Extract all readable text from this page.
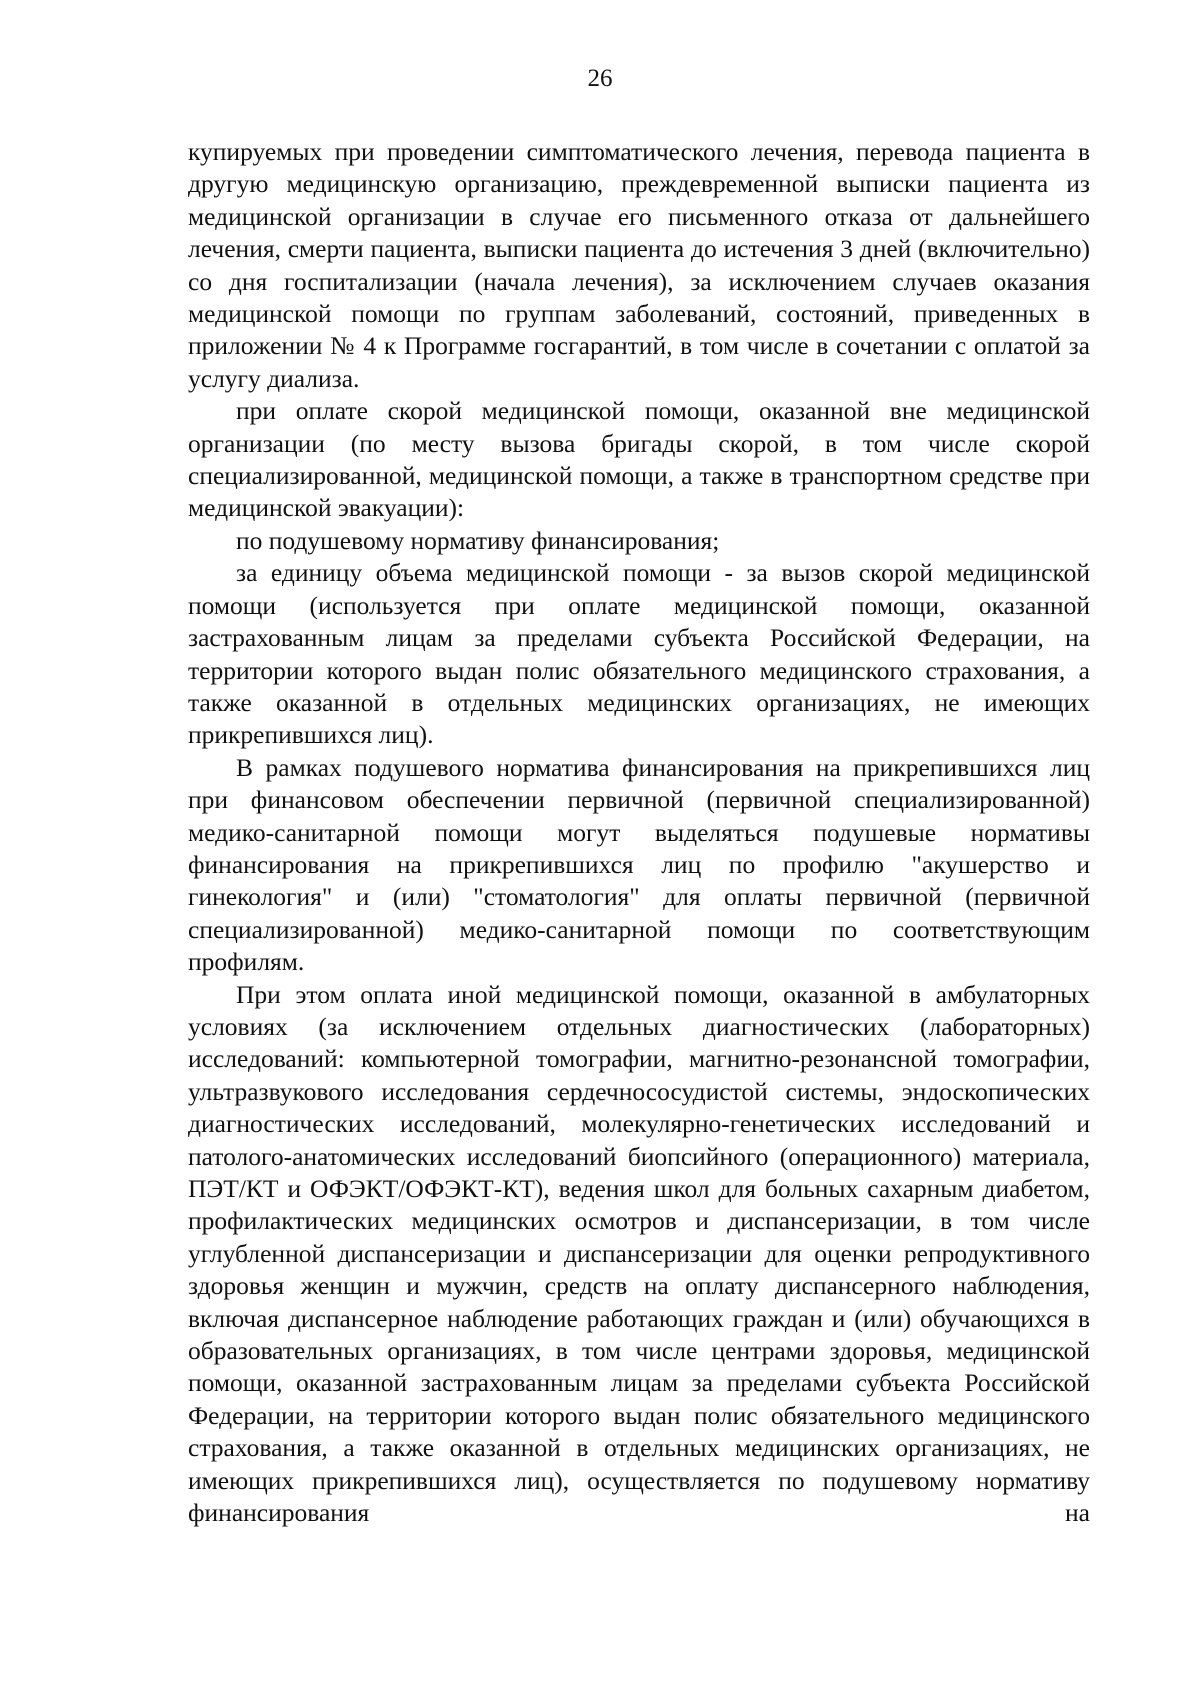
26

купируемых при проведении симптоматического лечения, перевода пациента в другую медицинскую организацию, преждевременной выписки пациента из медицинской организации в случае его письменного отказа от дальнейшего лечения, смерти пациента, выписки пациента до истечения 3 дней (включительно) со дня госпитализации (начала лечения), за исключением случаев оказания медицинской помощи по группам заболеваний, состояний, приведенных в приложении № 4 к Программе госгарантий, в том числе в сочетании с оплатой за услугу диализа.

при оплате скорой медицинской помощи, оказанной вне медицинской организации (по месту вызова бригады скорой, в том числе скорой специализированной, медицинской помощи, а также в транспортном средстве при медицинской эвакуации):

по подушевому нормативу финансирования;

за единицу объема медицинской помощи - за вызов скорой медицинской помощи (используется при оплате медицинской помощи, оказанной застрахованным лицам за пределами субъекта Российской Федерации, на территории которого выдан полис обязательного медицинского страхования, а также оказанной в отдельных медицинских организациях, не имеющих прикрепившихся лиц).

В рамках подушевого норматива финансирования на прикрепившихся лиц при финансовом обеспечении первичной (первичной специализированной) медико-санитарной помощи могут выделяться подушевые нормативы финансирования на прикрепившихся лиц по профилю "акушерство и гинекология" и (или) "стоматология" для оплаты первичной (первичной специализированной) медико-санитарной помощи по соответствующим профилям.

При этом оплата иной медицинской помощи, оказанной в амбулаторных условиях (за исключением отдельных диагностических (лабораторных) исследований: компьютерной томографии, магнитно-резонансной томографии, ультразвукового исследования сердечнососудистой системы, эндоскопических диагностических исследований, молекулярно-генетических исследований и патолого-анатомических исследований биопсийного (операционного) материала, ПЭТ/КТ и ОФЭКТ/ОФЭКТ-КТ), ведения школ для больных сахарным диабетом, профилактических медицинских осмотров и диспансеризации, в том числе углубленной диспансеризации и диспансеризации для оценки репродуктивного здоровья женщин и мужчин, средств на оплату диспансерного наблюдения, включая диспансерное наблюдение работающих граждан и (или) обучающихся в образовательных организациях, в том числе центрами здоровья, медицинской помощи, оказанной застрахованным лицам за пределами субъекта Российской Федерации, на территории которого выдан полис обязательного медицинского страхования, а также оказанной в отдельных медицинских организациях, не имеющих прикрепившихся лиц), осуществляется по подушевому нормативу финансирования на
